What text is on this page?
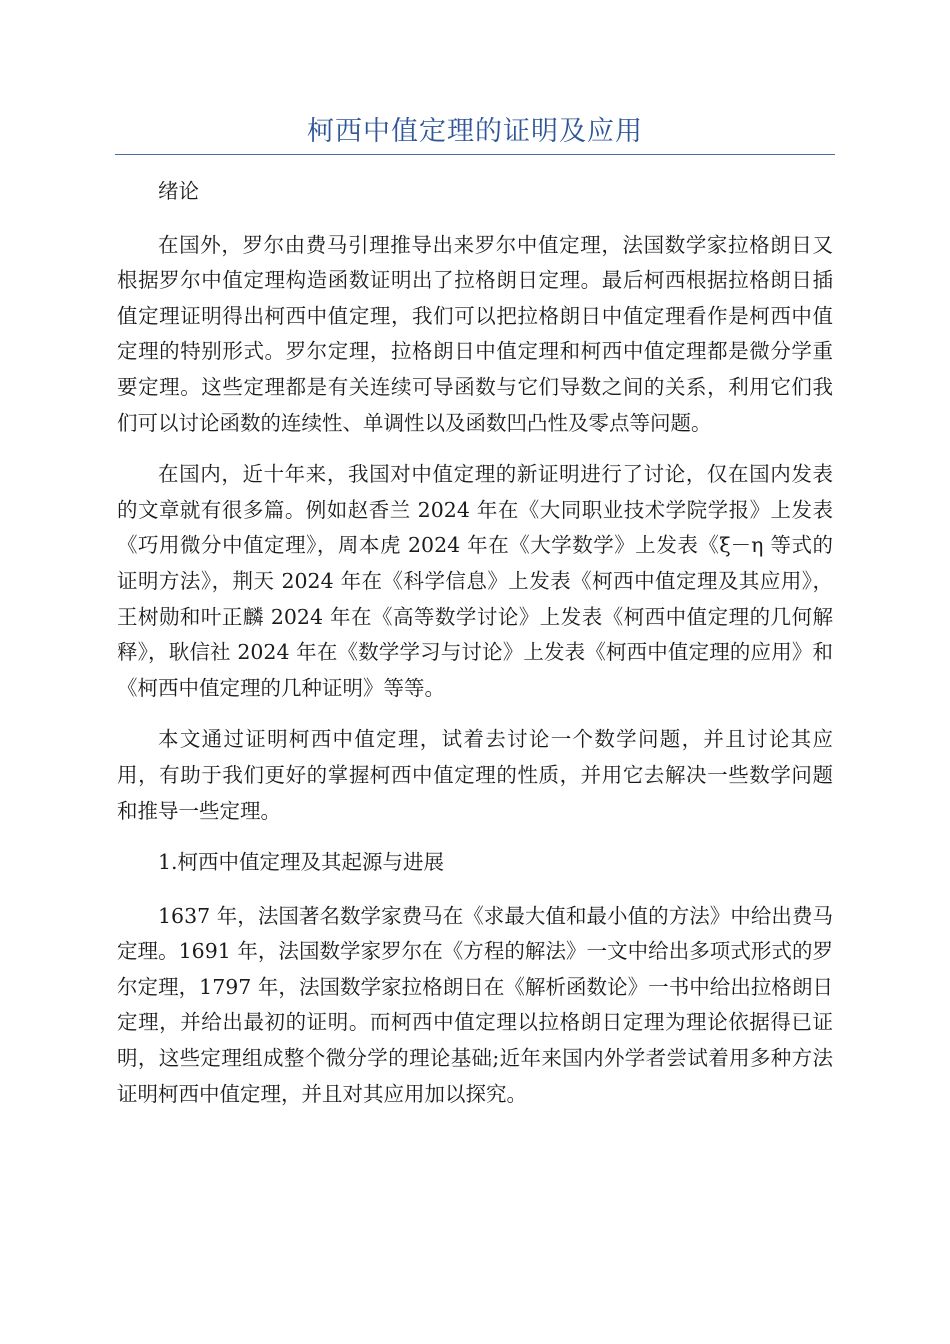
柯西中值定理的证明及应用

绪论

在国外，罗尔由费马引理推导出来罗尔中值定理，法国数学家拉格朗日又根据罗尔中值定理构造函数证明出了拉格朗日定理。最后柯西根据拉格朗日插值定理证明得出柯西中值定理，我们可以把拉格朗日中值定理看作是柯西中值定理的特别形式。罗尔定理，拉格朗日中值定理和柯西中值定理都是微分学重要定理。这些定理都是有关连续可导函数与它们导数之间的关系，利用它们我们可以讨论函数的连续性、单调性以及函数凹凸性及零点等问题。

在国内，近十年来，我国对中值定理的新证明进行了讨论，仅在国内发表的文章就有很多篇。例如赵香兰 2024 年在《大同职业技术学院学报》上发表《巧用微分中值定理》，周本虎 2024 年在《大学数学》上发表《ξ－η 等式的证明方法》，荆天 2024 年在《科学信息》上发表《柯西中值定理及其应用》，王树勋和叶正麟 2024 年在《高等数学讨论》上发表《柯西中值定理的几何解释》，耿信社 2024 年在《数学学习与讨论》上发表《柯西中值定理的应用》和《柯西中值定理的几种证明》等等。

本文通过证明柯西中值定理，试着去讨论一个数学问题，并且讨论其应用，有助于我们更好的掌握柯西中值定理的性质，并用它去解决一些数学问题和推导一些定理。

1.柯西中值定理及其起源与进展

1637 年，法国著名数学家费马在《求最大值和最小值的方法》中给出费马定理。1691 年，法国数学家罗尔在《方程的解法》一文中给出多项式形式的罗尔定理，1797 年，法国数学家拉格朗日在《解析函数论》一书中给出拉格朗日定理，并给出最初的证明。而柯西中值定理以拉格朗日定理为理论依据得已证明，这些定理组成整个微分学的理论基础;近年来国内外学者尝试着用多种方法证明柯西中值定理，并且对其应用加以探究。
